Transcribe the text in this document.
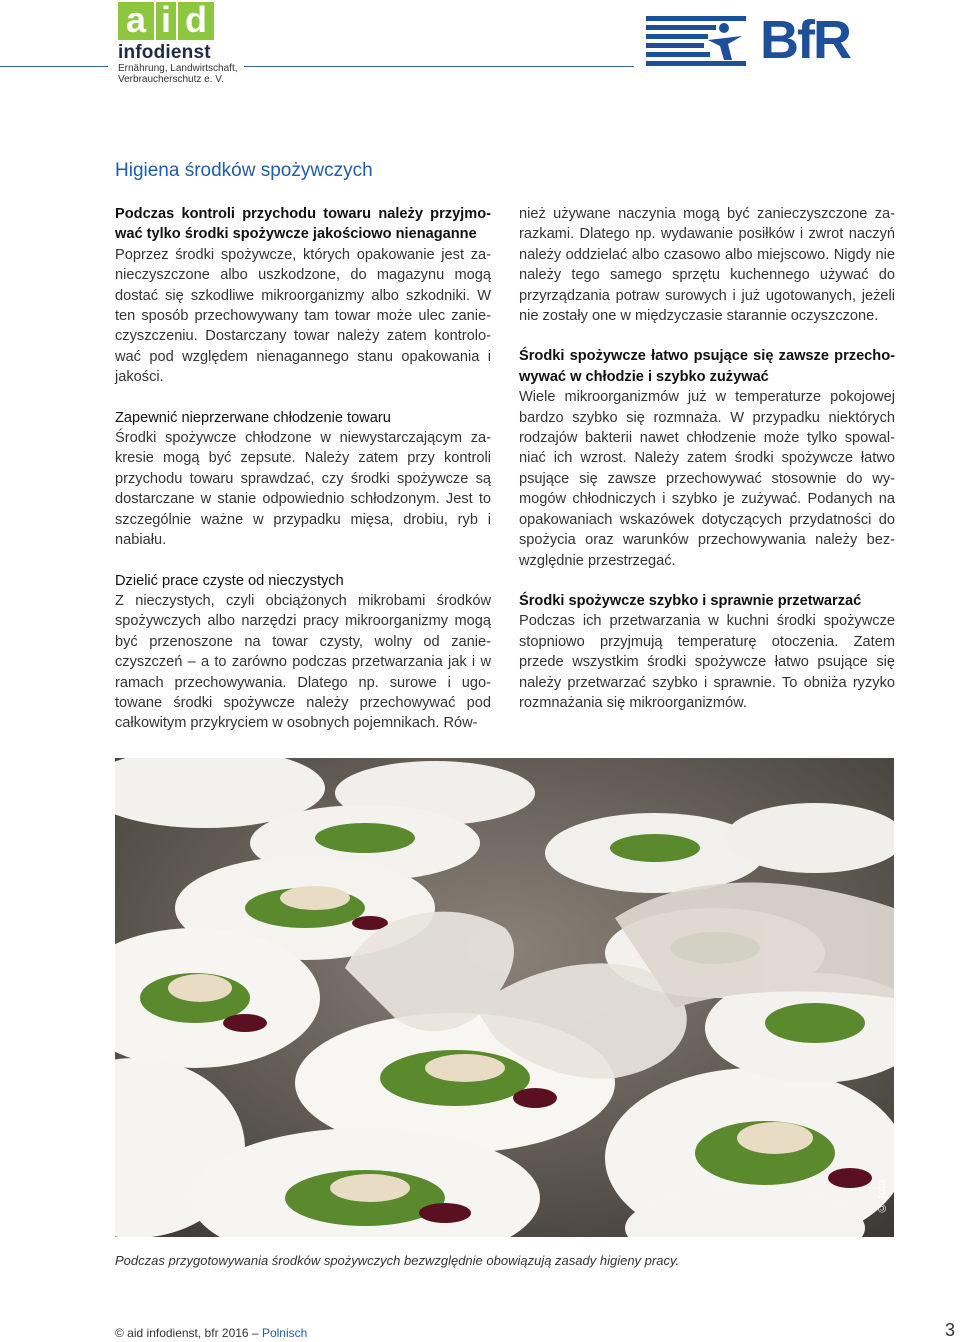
a i d
infodienst
Ernährung, Landwirtschaft,
Verbraucherschutz e. V.
BfR
Higiena środków spożywczych

Podczas kontroli przychodu towaru należy przyjmo-wać tylko środki spożywcze jakościowo nienaganne
Poprzez środki spożywcze, których opakowanie jest za-nieczyszczone albo uszkodzone, do magazynu mogą dostać się szkodliwe mikroorganizmy albo szkodniki. W ten sposób przechowywany tam towar może ulec zanie-czyszczeniu. Dostarczany towar należy zatem kontrolo-wać pod względem nienagannego stanu opakowania i jakości.

Zapewnić nieprzerwane chłodzenie towaru
Środki spożywcze chłodzone w niewystarczającym za-kresie mogą być zepsute. Należy zatem przy kontroli przychodu towaru sprawdzać, czy środki spożywcze są dostarczane w stanie odpowiednio schłodzonym. Jest to szczególnie ważne w przypadku mięsa, drobiu, ryb i nabiału.

Dzielić prace czyste od nieczystych
Z nieczystych, czyli obciążonych mikrobami środków spożywczych albo narzędzi pracy mikroorganizmy mogą być przenoszone na towar czysty, wolny od zanie-czyszczeń – a to zarówno podczas przetwarzania jak i w ramach przechowywania. Dlatego np. surowe i ugo-towane środki spożywcze należy przechowywać pod całkowitym przykryciem w osobnych pojemnikach. Rów-

nież używane naczynia mogą być zanieczyszczone za-razkami. Dlatego np. wydawanie posiłków i zwrot naczyń należy oddzielać albo czasowo albo miejscowo. Nigdy nie należy tego samego sprzętu kuchennego używać do przyrządzania potraw surowych i już ugotowanych, jeżeli nie zostały one w międzyczasie starannie oczyszczone.

Środki spożywcze łatwo psujące się zawsze przecho-wywać w chłodzie i szybko zużywać
Wiele mikroorganizmów już w temperaturze pokojowej bardzo szybko się rozmnaża. W przypadku niektórych rodzajów bakterii nawet chłodzenie może tylko spowal-niać ich wzrost. Należy zatem środki spożywcze łatwo psujące się zawsze przechowywać stosownie do wy-mogów chłodniczych i szybko je zużywać. Podanych na opakowaniach wskazówek dotyczących przydatności do spożycia oraz warunków przechowywania należy bez-względnie przestrzegać.

Środki spożywcze szybko i sprawnie przetwarzać
Podczas ich przetwarzania w kuchni środki spożywcze stopniowo przyjmują temperaturę otoczenia. Zatem przede wszystkim środki spożywcze łatwo psujące się należy przetwarzać szybko i sprawnie. To obniża ryzyko rozmnażania się mikroorganizmów.

© foto
Podczas przygotowywania środków spożywczych bezwzględnie obowiązują zasady higieny pracy.
© aid infodienst, bfr 2016 – Polnisch	3
